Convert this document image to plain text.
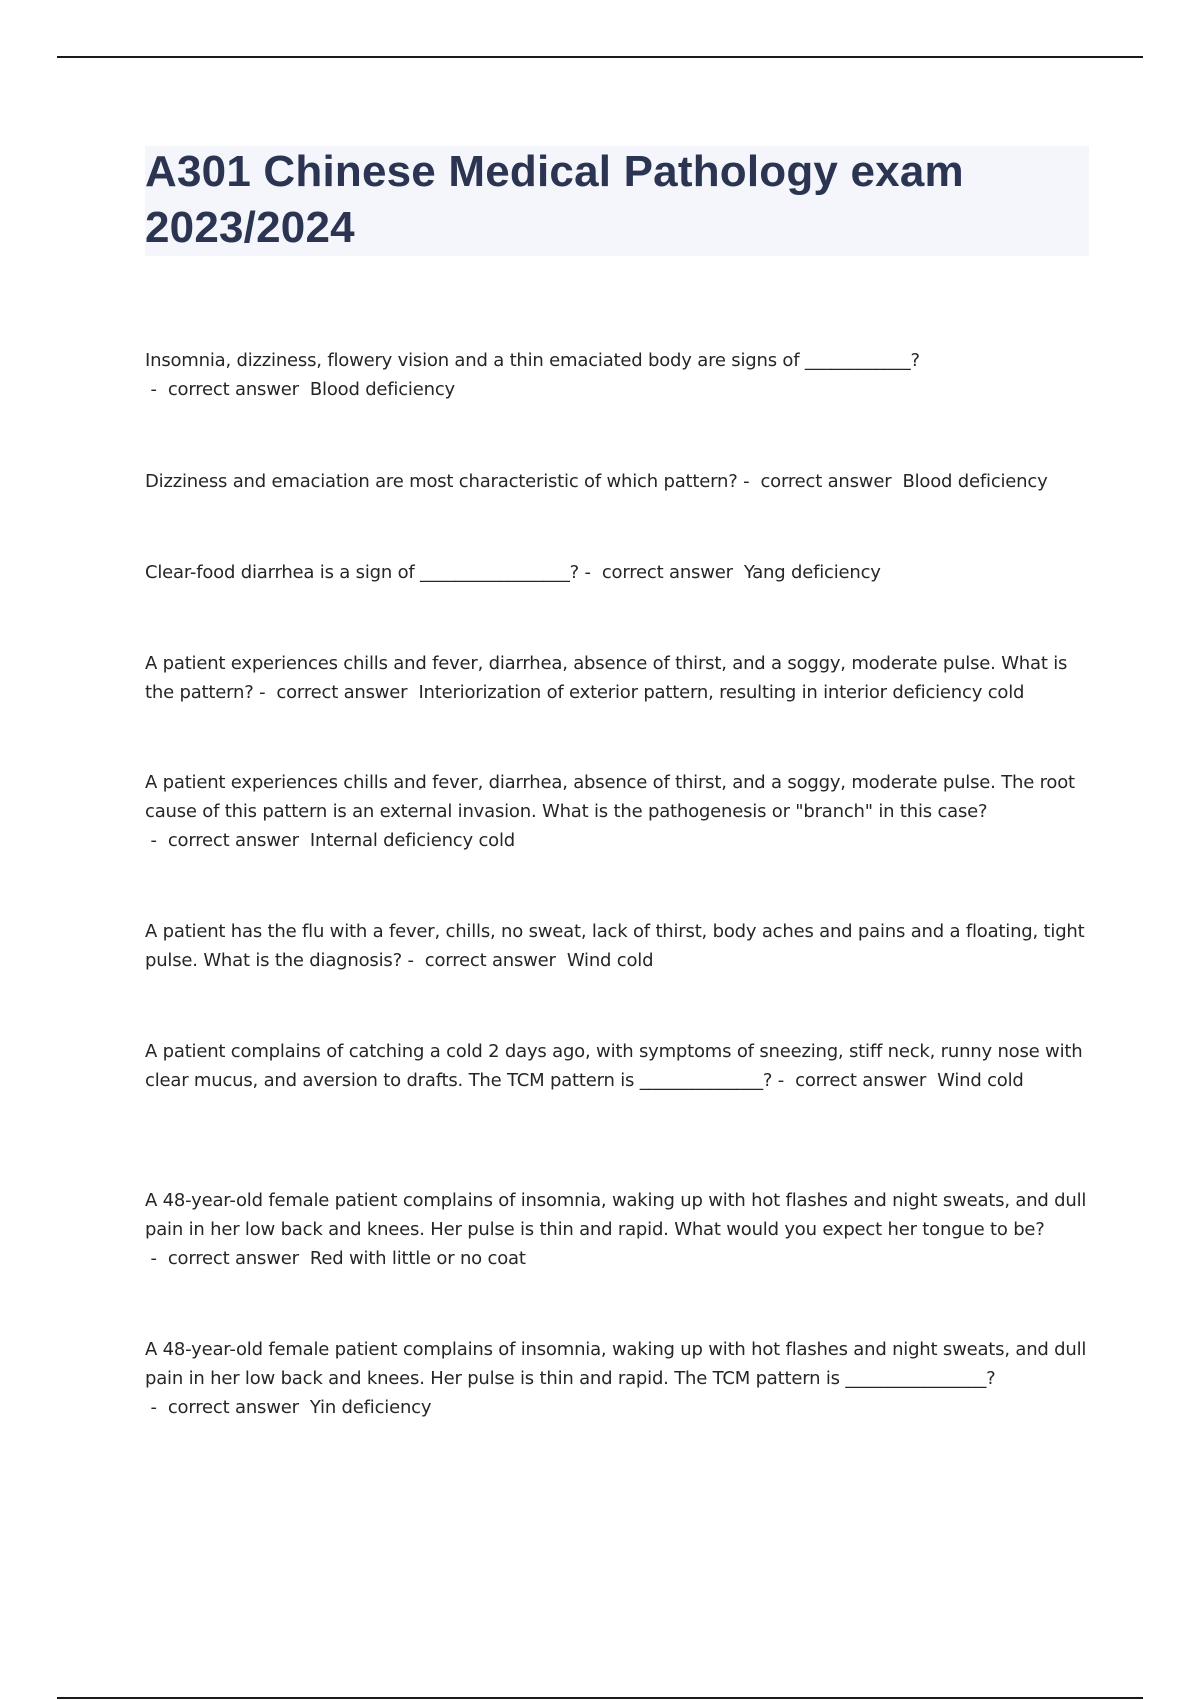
A301 Chinese Medical Pathology exam 2023/2024

Insomnia, dizziness, flowery vision and a thin emaciated body are signs of ____________? -  correct answer  Blood deficiency

Dizziness and emaciation are most characteristic of which pattern? -  correct answer  Blood deficiency

Clear-food diarrhea is a sign of _________________? -  correct answer  Yang deficiency

A patient experiences chills and fever, diarrhea, absence of thirst, and a soggy, moderate pulse. What is the pattern? -  correct answer  Interiorization of exterior pattern, resulting in interior deficiency cold

A patient experiences chills and fever, diarrhea, absence of thirst, and a soggy, moderate pulse. The root cause of this pattern is an external invasion. What is the pathogenesis or "branch" in this case? -  correct answer  Internal deficiency cold

A patient has the flu with a fever, chills, no sweat, lack of thirst, body aches and pains and a floating, tight pulse. What is the diagnosis? -  correct answer  Wind cold

A patient complains of catching a cold 2 days ago, with symptoms of sneezing, stiff neck, runny nose with clear mucus, and aversion to drafts. The TCM pattern is ______________? -  correct answer  Wind cold

A 48-year-old female patient complains of insomnia, waking up with hot flashes and night sweats, and dull pain in her low back and knees. Her pulse is thin and rapid. What would you expect her tongue to be? -  correct answer  Red with little or no coat

A 48-year-old female patient complains of insomnia, waking up with hot flashes and night sweats, and dull pain in her low back and knees. Her pulse is thin and rapid. The TCM pattern is ________________? -  correct answer  Yin deficiency
